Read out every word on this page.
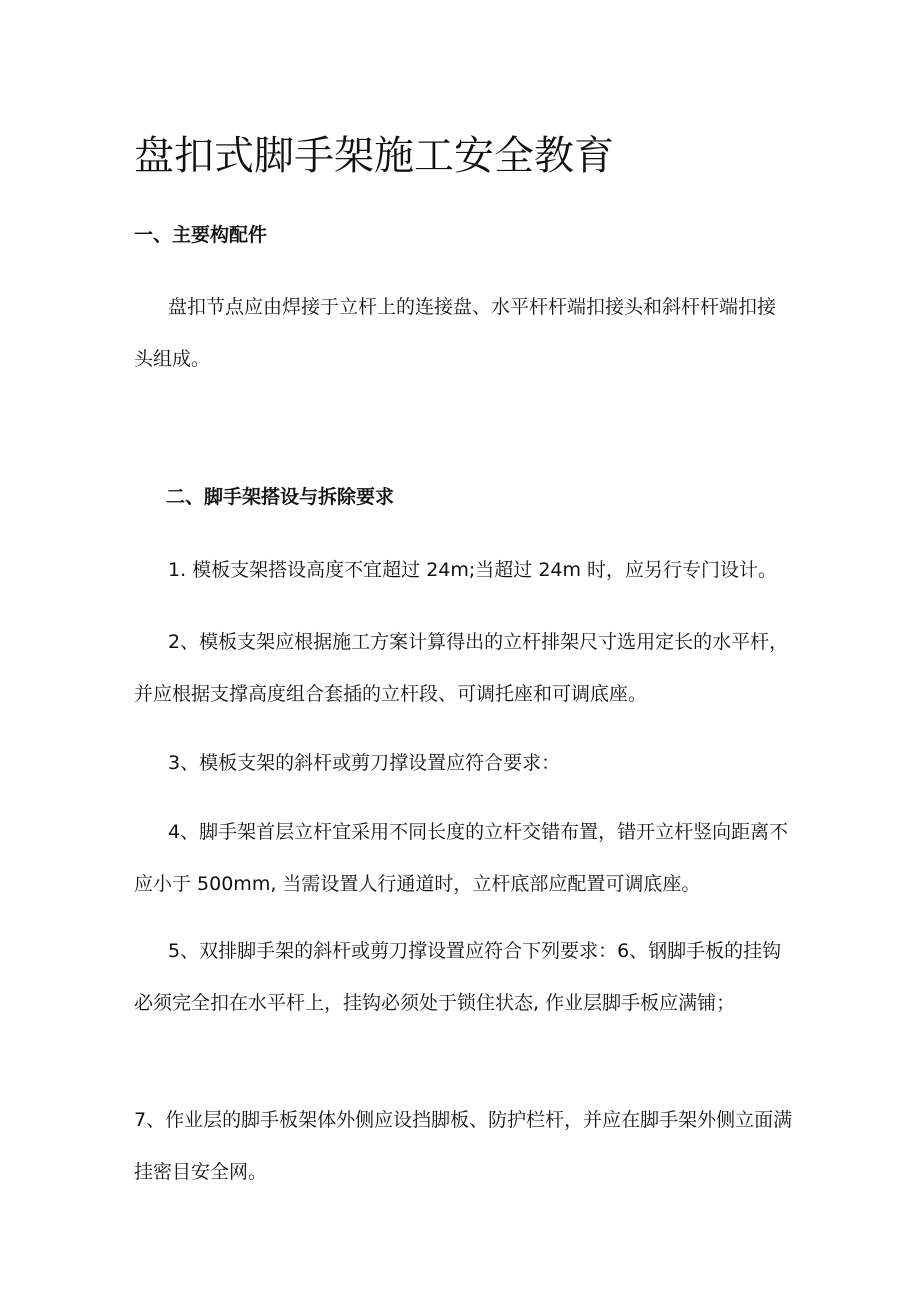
盘扣式脚手架施工安全教育
一、主要构配件

盘扣节点应由焊接于立杆上的连接盘、水平杆杆端扣接头和斜杆杆端扣接头组成。

二、脚手架搭设与拆除要求

1. 模板支架搭设高度不宜超过 24m;当超过 24m 时，应另行专门设计。

2、模板支架应根据施工方案计算得出的立杆排架尺寸选用定长的水平杆，并应根据支撑高度组合套插的立杆段、可调托座和可调底座。

3、模板支架的斜杆或剪刀撑设置应符合要求：

4、脚手架首层立杆宜采用不同长度的立杆交错布置，错开立杆竖向距离不应小于 500mm, 当需设置人行通道时，立杆底部应配置可调底座。

5、双排脚手架的斜杆或剪刀撑设置应符合下列要求：6、钢脚手板的挂钩必须完全扣在水平杆上，挂钩必须处于锁住状态, 作业层脚手板应满铺；

7、作业层的脚手板架体外侧应设挡脚板、防护栏杆，并应在脚手架外侧立面满挂密目安全网。
